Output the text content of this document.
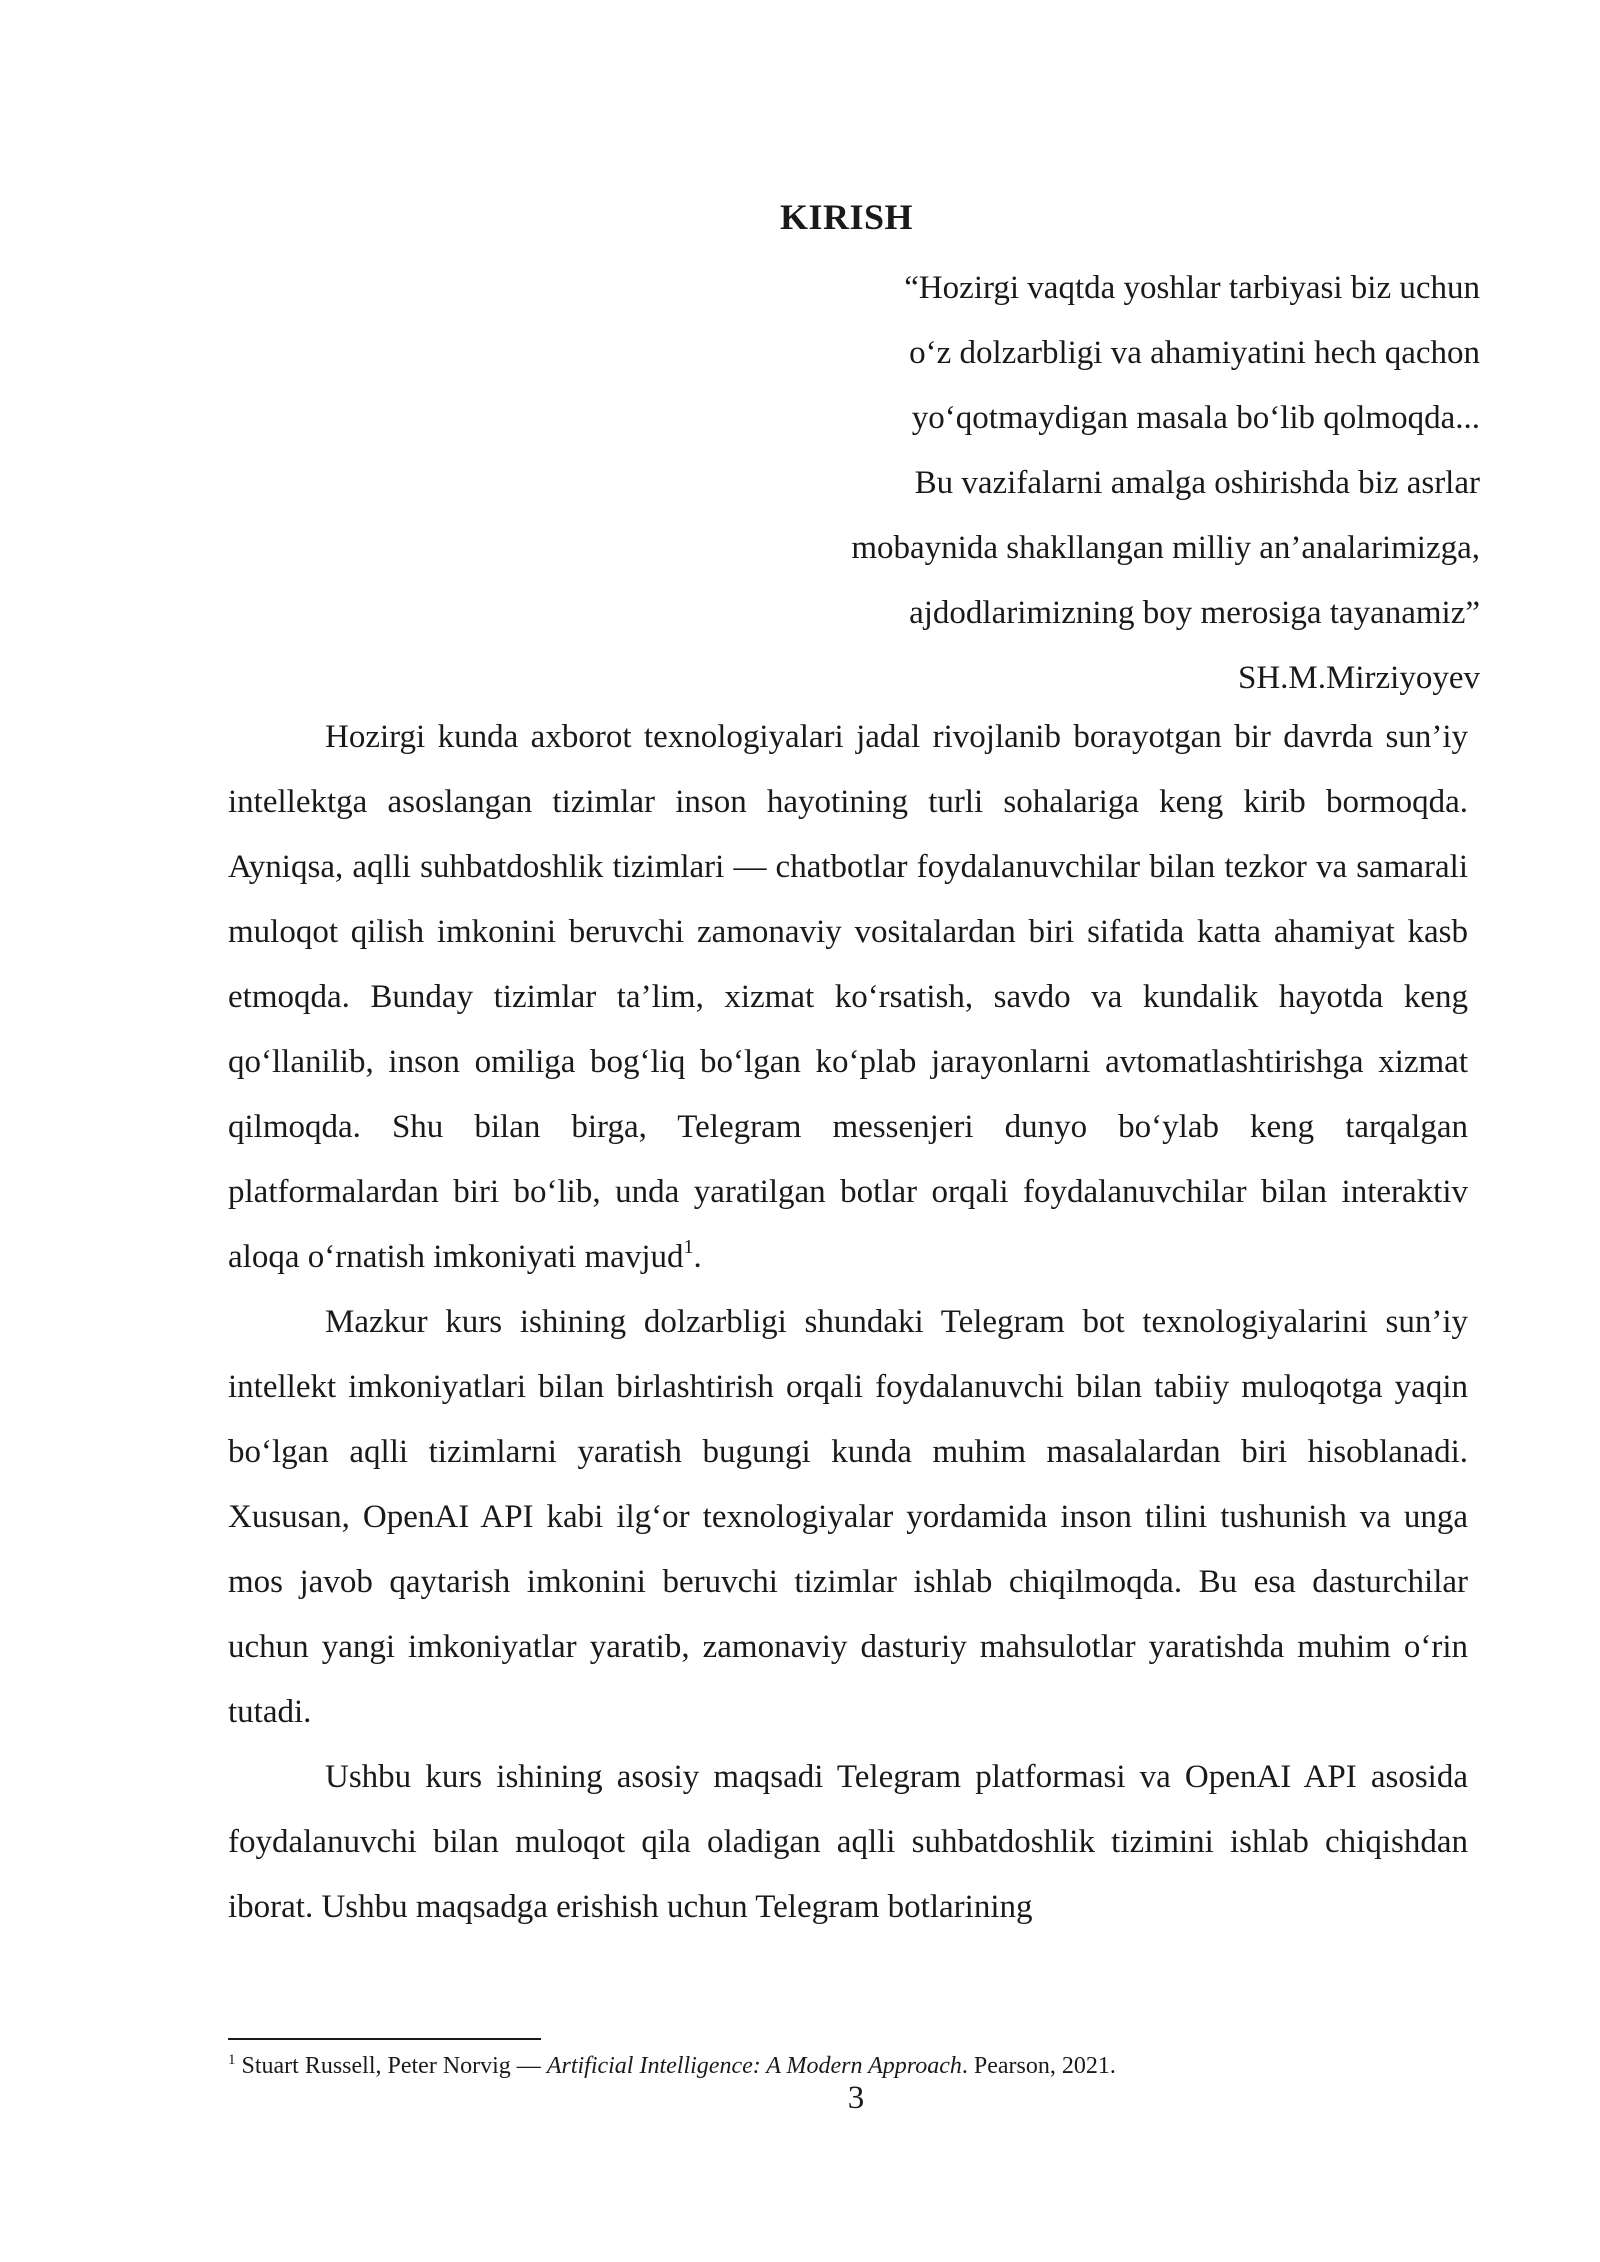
KIRISH
“Hozirgi vaqtda yoshlar tarbiyasi biz uchun
o‘z dolzarbligi va ahamiyatini hech qachon
yo‘qotmaydigan masala bo‘lib qolmoqda...
Bu vazifalarni amalga oshirishda biz asrlar
mobaynida shakllangan milliy an’analarimizga,
ajdodlarimizning boy merosiga tayanamiz”
SH.M.Mirziyoyev

Hozirgi kunda axborot texnologiyalari jadal rivojlanib borayotgan bir davrda sun’iy intellektga asoslangan tizimlar inson hayotining turli sohalariga keng kirib bormoqda. Ayniqsa, aqlli suhbatdoshlik tizimlari — chatbotlar foydalanuvchilar bilan tezkor va samarali muloqot qilish imkonini beruvchi zamonaviy vositalardan biri sifatida katta ahamiyat kasb etmoqda. Bunday tizimlar ta’lim, xizmat ko‘rsatish, savdo va kundalik hayotda keng qo‘llanilib, inson omiliga bog‘liq bo‘lgan ko‘plab jarayonlarni avtomatlashtirishga xizmat qilmoqda. Shu bilan birga, Telegram messenjeri dunyo bo‘ylab keng tarqalgan platformalardan biri bo‘lib, unda yaratilgan botlar orqali foydalanuvchilar bilan interaktiv aloqa o‘rnatish imkoniyati mavjud$^1$.

Mazkur kurs ishining dolzarbligi shundaki Telegram bot texnologiyalarini sun’iy intellekt imkoniyatlari bilan birlashtirish orqali foydalanuvchi bilan tabiiy muloqotga yaqin bo‘lgan aqlli tizimlarni yaratish bugungi kunda muhim masalalardan biri hisoblanadi. Xususan, OpenAI API kabi ilg‘or texnologiyalar yordamida inson tilini tushunish va unga mos javob qaytarish imkonini beruvchi tizimlar ishlab chiqilmoqda. Bu esa dasturchilar uchun yangi imkoniyatlar yaratib, zamonaviy dasturiy mahsulotlar yaratishda muhim o‘rin tutadi.

Ushbu kurs ishining asosiy maqsadi Telegram platformasi va OpenAI API asosida foydalanuvchi bilan muloqot qila oladigan aqlli suhbatdoshlik tizimini ishlab chiqishdan iborat. Ushbu maqsadga erishish uchun Telegram botlarining

$^1$ Stuart Russell, Peter Norvig — Artificial Intelligence: A Modern Approach. Pearson, 2021.
3
